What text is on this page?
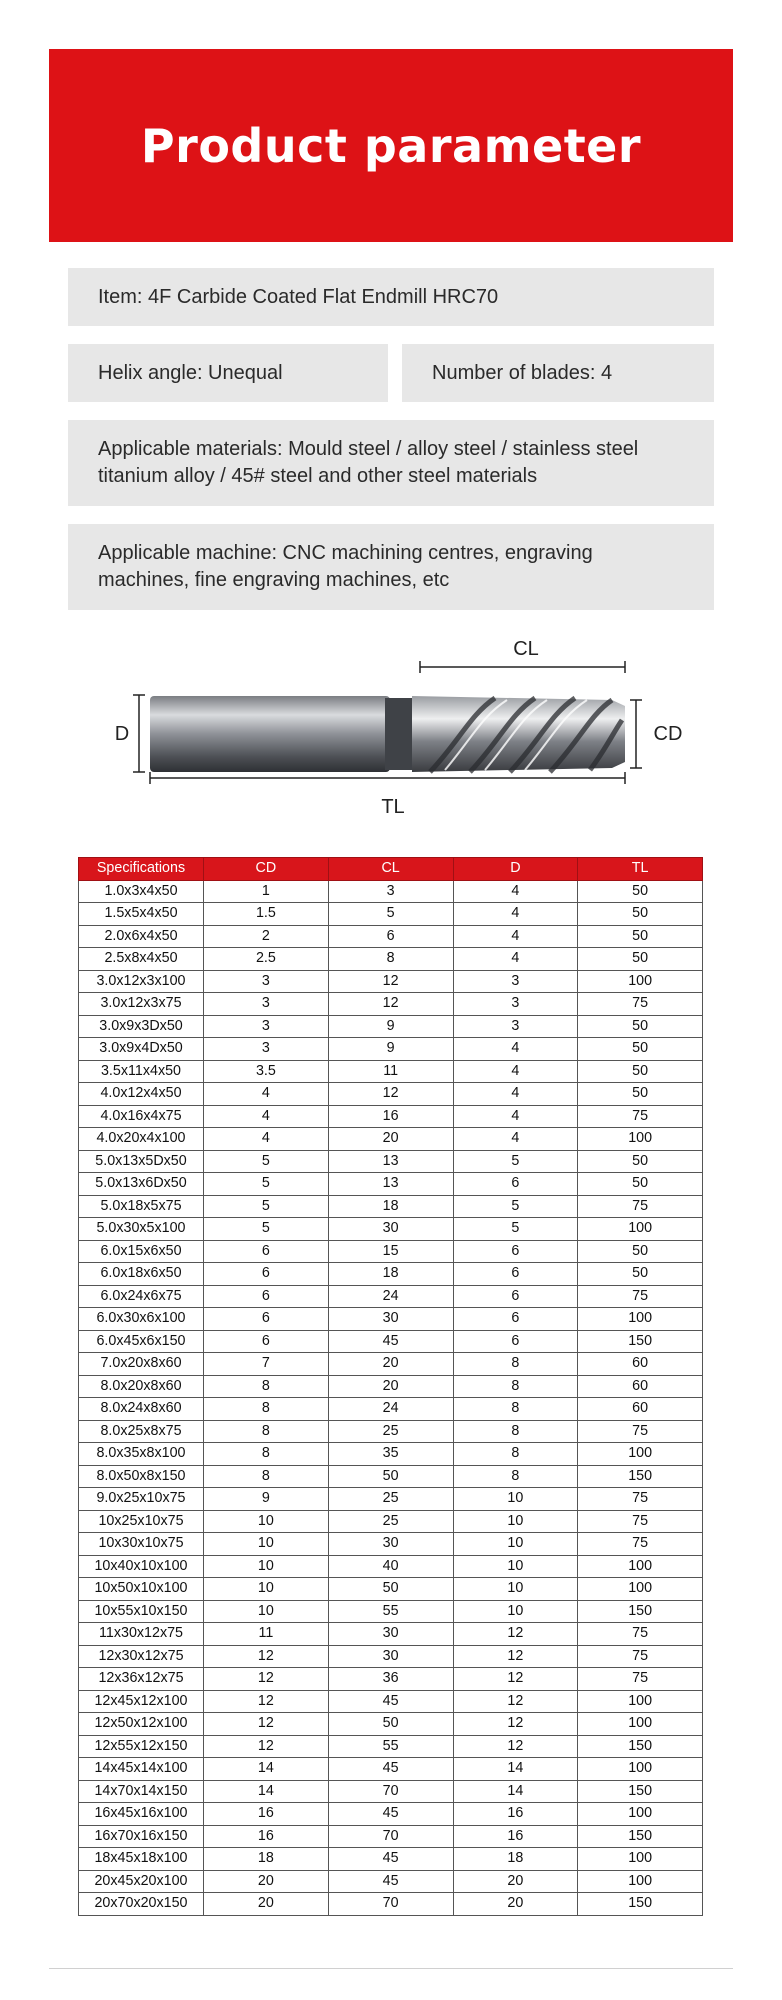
Product parameter
Item: 4F Carbide Coated Flat Endmill HRC70
Helix angle: Unequal	Number of blades: 4
Applicable materials: Mould steel / alloy steel / stainless steel
titanium alloy / 45# steel and other steel materials
Applicable machine: CNC machining centres, engraving
machines, fine engraving machines, etc
CL
D	CD
TL
Specifications	CD	CL	D	TL
1.0x3x4x50	1	3	4	50
1.5x5x4x50	1.5	5	4	50
2.0x6x4x50	2	6	4	50
2.5x8x4x50	2.5	8	4	50
3.0x12x3x100	3	12	3	100
3.0x12x3x75	3	12	3	75
3.0x9x3Dx50	3	9	3	50
3.0x9x4Dx50	3	9	4	50
3.5x11x4x50	3.5	11	4	50
4.0x12x4x50	4	12	4	50
4.0x16x4x75	4	16	4	75
4.0x20x4x100	4	20	4	100
5.0x13x5Dx50	5	13	5	50
5.0x13x6Dx50	5	13	6	50
5.0x18x5x75	5	18	5	75
5.0x30x5x100	5	30	5	100
6.0x15x6x50	6	15	6	50
6.0x18x6x50	6	18	6	50
6.0x24x6x75	6	24	6	75
6.0x30x6x100	6	30	6	100
6.0x45x6x150	6	45	6	150
7.0x20x8x60	7	20	8	60
8.0x20x8x60	8	20	8	60
8.0x24x8x60	8	24	8	60
8.0x25x8x75	8	25	8	75
8.0x35x8x100	8	35	8	100
8.0x50x8x150	8	50	8	150
9.0x25x10x75	9	25	10	75
10x25x10x75	10	25	10	75
10x30x10x75	10	30	10	75
10x40x10x100	10	40	10	100
10x50x10x100	10	50	10	100
10x55x10x150	10	55	10	150
11x30x12x75	11	30	12	75
12x30x12x75	12	30	12	75
12x36x12x75	12	36	12	75
12x45x12x100	12	45	12	100
12x50x12x100	12	50	12	100
12x55x12x150	12	55	12	150
14x45x14x100	14	45	14	100
14x70x14x150	14	70	14	150
16x45x16x100	16	45	16	100
16x70x16x150	16	70	16	150
18x45x18x100	18	45	18	100
20x45x20x100	20	45	20	100
20x70x20x150	20	70	20	150
